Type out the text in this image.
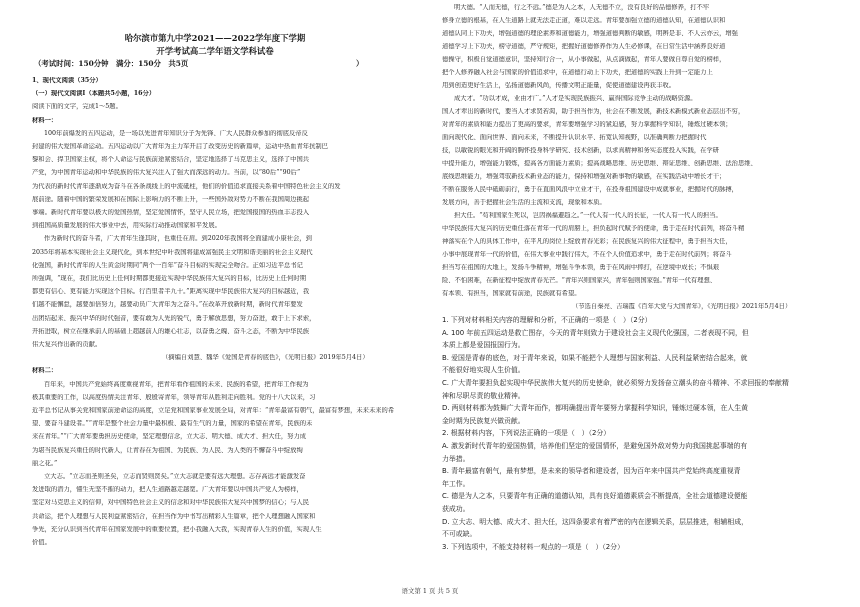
哈尔滨市第九中学2021——2022学年度下学期
开学考试高二学年语文学科试卷
（考试时间：150分钟　满分：150分　共5页	）
1、现代文阅读（35分）
（一）现代文阅读Ⅰ（本题共5小题，16分）
阅读下面的文字，完成1～5题。
材料一：
100年前爆发的五四运动，是一场以先进青年知识分子为先锋、广大人民群众参加的彻底反帝反
封建的伟大爱国革命运动。五四运动以广大青年为主力军开启了改变历史的新篇章，运动中热血青年抗制巴
黎和会、捍卫国家主权，将个人命运与民族前途紧密结合，坚定地选择了马克思主义，选择了中国共
产党，为中国青年运动和中华民族的伟大复兴注入了强大而深远的动力。当前，以“80后”“90后”
为代表的新时代青年逐渐成为奋斗在各条战线上的中流砥柱，他们的价值追求直接关系着中国特色社会主义的发
展前途。随着中国的繁荣发展和在国际上影响力的不断上升，一些国外敌对势力不断在我国周边挑起
事端。新时代青年要以极大的爱国热情，坚定爱国情怀，坚守人民立场，把爱国报国的热血丰志投入
到祖国高质量发展的伟大事业中去，用实际行动推动国家和平发展。
作为新时代的奋斗者，广大青年生逢其时，也重任在肩。到2020年我国将全面建成小康社会，到
2035年将基本实现社会主义现代化，到本世纪中叶我国将建成富强民主文明和谐美丽的社会主义现代
化强国，新时代青年的人生黄金时期同“两个一百年”奋斗目标的实现完全吻合。正如习近平总书记
所强调，“现在，我们比历史上任何时期都更接近实现中华民族伟大复兴的目标，比历史上任何时期
都更有信心、更有能力实现这个目标。行百里者半九十。”距离实现中华民族伟大复兴的目标越近，我
们越不能懈怠，越要加倍努力，越要动员广大青年为之奋斗。”在改革开放新时期，新时代青年要发
出团结起来、振兴中华的时代强音，要有敢为人先的锐气，勇于解放思想，努力奋进，敢于上下求索，
开拓进取，树立在继承前人的基础上超越前人的雄心壮志，以奋勇之魄、奋斗之态，不断为中华民族
伟大复兴作出新的贡献。
（摘编自刘慧、魏华《爱国是青春的底色》，《光明日报》2019年5月4日）
材料二：
百年来，中国共产党始终高度重视青年，把青年看作祖国的未来、民族的希望，把青年工作视为
极其重要的工作，以高度热情关注青年、殷殷寄青年，领导青年从胜利走向胜利。党的十八大以来，习
近平总书记从事关党和国家前途命运的高度，立足党和国家事业发展全局，对青年：“青年最富有朝气，最富有梦想，未来未来的希
望、要奋斗建设者。”“青年是整个社会力量中最积极、最有生气的力量，国家的希望在青年，民族的未
来在青年。”“广大青年要勇担历史使命，坚定理想信念，立大志、明大德、成大才、担大任，努力成
为堪当民族复兴重任的时代新人，让青春在为祖国、为民族、为人民、为人类的不懈奋斗中绽放绚
丽之花。”
立大志。“立志而圣则圣矣，立志而贤则贤矣。”立大志就是要有远大理想。志存高远才能激发奋
发进取的潜力，懂生无坚不摧的动力，把人生道路越走越宽。广大青年要以中国共产党人为榜样，
坚定对马克思主义的信仰，对中国特色社会主义的信念和对中华民族伟大复兴中国梦的信心；与人民
共命运，把个人理想与人民利益紧密结合，在担当作为中书写出精彩人生篇章，把个人理想融入国家和
争先，充分认识到当代青年在国家发展中的重要位置，把小我融入大我，实现青春人生的价值，实现人生
价值。
明大德。“人而无德，行之不远。”德是为人之本，人无德不立，没有良好的品德修养，打不牢
修身立德的根基，在人生道路上就无法走正道，难以走远。青年要加强立德的道德认知，在道德认识和
道德认同上下功夫，增强道德的理论素养和道德能力，增强道德判断的敏感，明辨是非、不人云亦云，增强
道德学习上下功夫，榜守道德，严守规矩，把握好道德修养作为人生必修课，在日常生活中涵养良好道
德操守，积极自觉道德意识，坚持知行合一，从小事做起，从点滴做起，青年人要做自尊自爱的榜样，
把个人修养融入社会与国家的价值追求中，在道德行动上下功夫，把道德的实践上升到一定能力上
用到创造更好生活上，弘扬道德新风尚，传播文明正能量，促使道德建设再获丰收。
成大才。“功以才成，业由才广。”人才是实现民族振兴、赢得国际竞争主动的战略资源。
国人才辈出的新时代，要当人才求贤若渴，助于担当作为，社会在不断发展，新技术新模式新业态层出不穷，
对青年的素质和能力提出了更高的要求，青年要增强学习的紧迫感，努力掌握科学知识，锤炼过硬本领；
面向现代化、面向世界、面向未来，不断提升认识水平、拓宽认知视野，以准确判断力把握时代
技，以敏锐的眼光和开阔的胸怀投身科学研究、技术创新，以求真精神和务实态度投入实践，在学研
中提升能力，增强能力锻炼，提高各方面能力素质；提高战略思维、历史思维、辩证思维、创新思维、法治思维、
底线思维能力，增强驾驭新技术新业态的能力，保持和增强对新事物的敏感，在实践活动中增长才干；
不断在服务人民中砥砺前行，勇于在直面风浪中立业才干，在投身祖国建设中成就事业，把握时代的脉搏，
发展方向，善于把握社会生活的主流和支流，现象和本质。
担大任。“苟利国家生死以，岂因祸福避趋之。”一代人有一代人的长征，一代人有一代人的担当。
中华民族伟大复兴的历史重任落在青年一代的肩膀上，担负起时代赋予的使命，勇于走在时代前列，将奋斗精
神落实在个人的具体工作中，在平凡的岗位上绽放青春光彩；在民族复兴的伟大征程中，勇于担当大任，
小事中展现青年一代的价值，在伟大事业中践行伟大，不在个人价值追求中，勇于走在时代前列；将奋斗
担当写在祖国的大地上，发扬斗争精神，增强斗争本领，勇于在风雨中摔打，在逆境中成长；不惧艰
险、不怕困难，在新征程中绽放青春光芒。“青年兴则国家兴，青年强则国家强。”青年一代有理想、
有本领、有担当，国家就有前途，民族就有希望。
（节选自秦亮、吉瑞霞《百年大党与大国青年》，《光明日报》2021年5月4日）
1. 下列对材料相关内容的理解和分析，不正确的一项是（　）（2分）
A. 100 年前五四运动是救亡图存，今天的青年则致力于建设社会主义现代化强国，二者表现不同，但
本质上都是爱国报国行为。
B. 爱国是青春的底色，对于青年来说，如果不能把个人理想与国家利益、人民利益紧密结合起来，就
不能很好地实现人生价值。
C. 广大青年要担负起实现中华民族伟大复兴的历史使命，就必须努力发扬奋立潮头的奋斗精神、不求回报的奉献精
神和尽职尽责的敬业精神。
D. 两则材料都为鼓舞广大青年而作，都明确提出青年要努力掌握科学知识，锤炼过硬本领，在人生黄
金时期为民族复兴做贡献。
2. 根据材料内容，下列说法正确的一项是（　）（2分）
A. 激发新时代青年的爱国热情，培养他们坚定的爱国情怀，是避免国外敌对势力向我国挑起事端的有
力举措。
B. 青年最富有朝气，最有梦想，是未来的领导者和建设者，因为百年来中国共产党始终高度重视青
年工作。
C. 德是为人之本，只要青年有正确的道德认知，具有良好道德素质会不断提高，全社会道德建设便能
获成功。
D. 立大志、明大德、成大才、担大任，这四条要求有着严密的内在逻辑关系，层层推进，相辅相成，
不可或缺。
3. 下列选项中，不能支持材料一观点的一项是（　）（2分）
语文第 1 页 共 5 页
